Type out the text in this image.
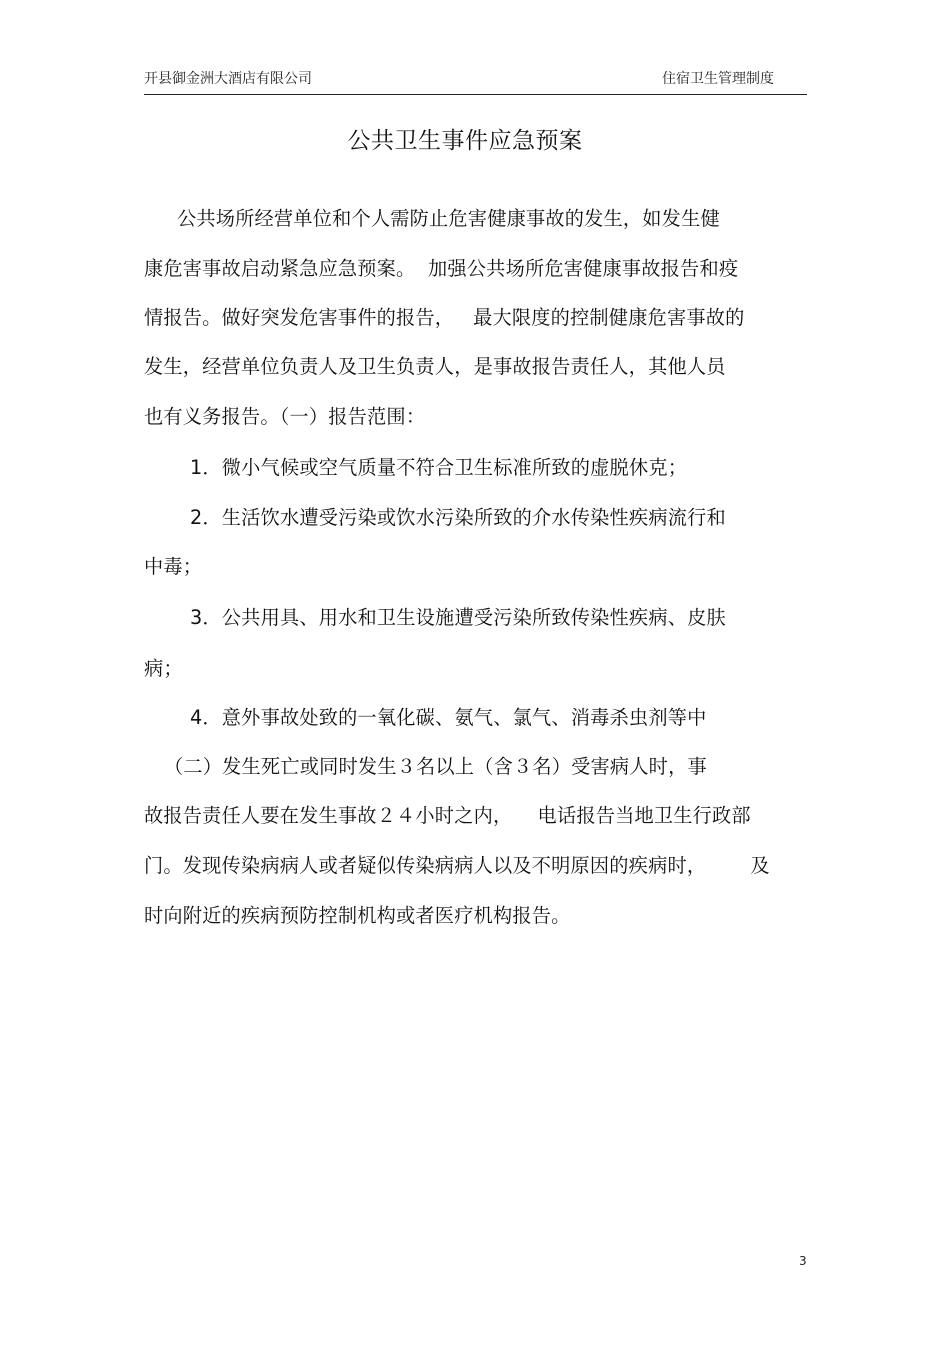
开县御金洲大酒店有限公司	住宿卫生管理制度
公共卫生事件应急预案
公共场所经营单位和个人需防止危害健康事故的发生，如发生健
康危害事故启动紧急应急预案。  加强公共场所危害健康事故报告和疫
情报告。做好突发危害事件的报告，   最大限度的控制健康危害事故的
发生，经营单位负责人及卫生负责人，是事故报告责任人，其他人员
也有义务报告。（一）报告范围：
1．微小气候或空气质量不符合卫生标准所致的虚脱休克；
2．生活饮水遭受污染或饮水污染所致的介水传染性疾病流行和
中毒；
3．公共用具、用水和卫生设施遭受污染所致传染性疾病、皮肤
病；
4．意外事故处致的一氧化碳、氨气、氯气、消毒杀虫剂等中
（二）发生死亡或同时发生３名以上（含３名）受害病人时，事
故报告责任人要在发生事故２４小时之内，    电话报告当地卫生行政部
门。发现传染病病人或者疑似传染病病人以及不明原因的疾病时，       及
时向附近的疾病预防控制机构或者医疗机构报告。
3
